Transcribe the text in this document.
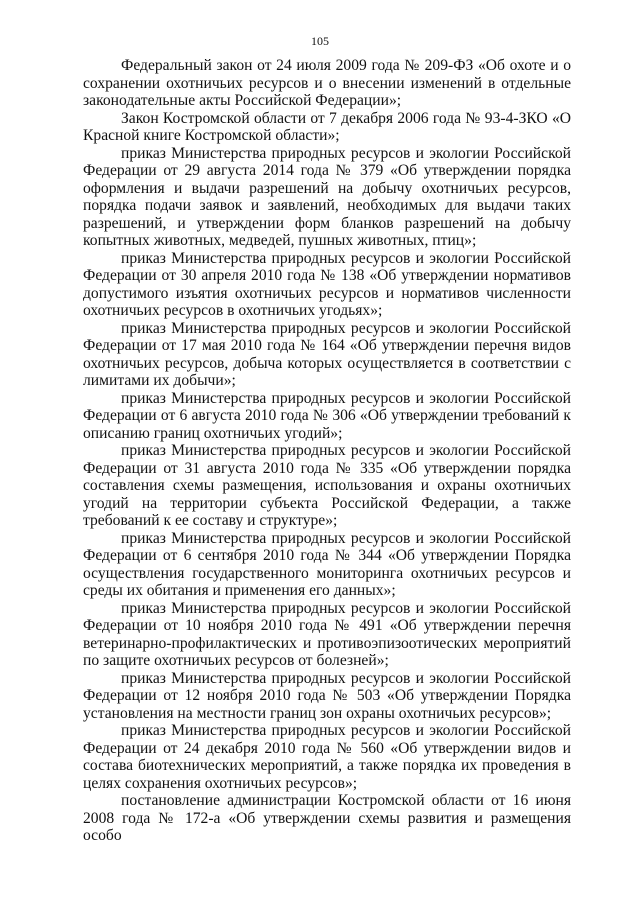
105

Федеральный закон от 24 июля 2009 года № 209-ФЗ «Об охоте и о сохранении охотничьих ресурсов и о внесении изменений в отдельные законодательные акты Российской Федерации»;

Закон Костромской области от 7 декабря 2006 года № 93-4-ЗКО «О Красной книге Костромской области»;

приказ Министерства природных ресурсов и экологии Российской Федерации от 29 августа 2014 года № 379 «Об утверждении порядка оформления и выдачи разрешений на добычу охотничьих ресурсов, порядка подачи заявок и заявлений, необходимых для выдачи таких разрешений, и утверждении форм бланков разрешений на добычу копытных животных, медведей, пушных животных, птиц»;

приказ Министерства природных ресурсов и экологии Российской Федерации от 30 апреля 2010 года № 138 «Об утверждении нормативов допустимого изъятия охотничьих ресурсов и нормативов численности охотничьих ресурсов в охотничьих угодьях»;

приказ Министерства природных ресурсов и экологии Российской Федерации от 17 мая 2010 года № 164 «Об утверждении перечня видов охотничьих ресурсов, добыча которых осуществляется в соответствии с лимитами их добычи»;

приказ Министерства природных ресурсов и экологии Российской Федерации от 6 августа 2010 года № 306 «Об утверждении требований к описанию границ охотничьих угодий»;

приказ Министерства природных ресурсов и экологии Российской Федерации от 31 августа 2010 года № 335 «Об утверждении порядка составления схемы размещения, использования и охраны охотничьих угодий на территории субъекта Российской Федерации, а также требований к ее составу и структуре»;

приказ Министерства природных ресурсов и экологии Российской Федерации от 6 сентября 2010 года № 344 «Об утверждении Порядка осуществления государственного мониторинга охотничьих ресурсов и среды их обитания и применения его данных»;

приказ Министерства природных ресурсов и экологии Российской Федерации от 10 ноября 2010 года № 491 «Об утверждении перечня ветеринарно-профилактических и противоэпизоотических мероприятий по защите охотничьих ресурсов от болезней»;

приказ Министерства природных ресурсов и экологии Российской Федерации от 12 ноября 2010 года № 503 «Об утверждении Порядка установления на местности границ зон охраны охотничьих ресурсов»;

приказ Министерства природных ресурсов и экологии Российской Федерации от 24 декабря 2010 года № 560 «Об утверждении видов и состава биотехнических мероприятий, а также порядка их проведения в целях сохранения охотничьих ресурсов»;

постановление администрации Костромской области от 16 июня 2008 года № 172-а «Об утверждении схемы развития и размещения особо
